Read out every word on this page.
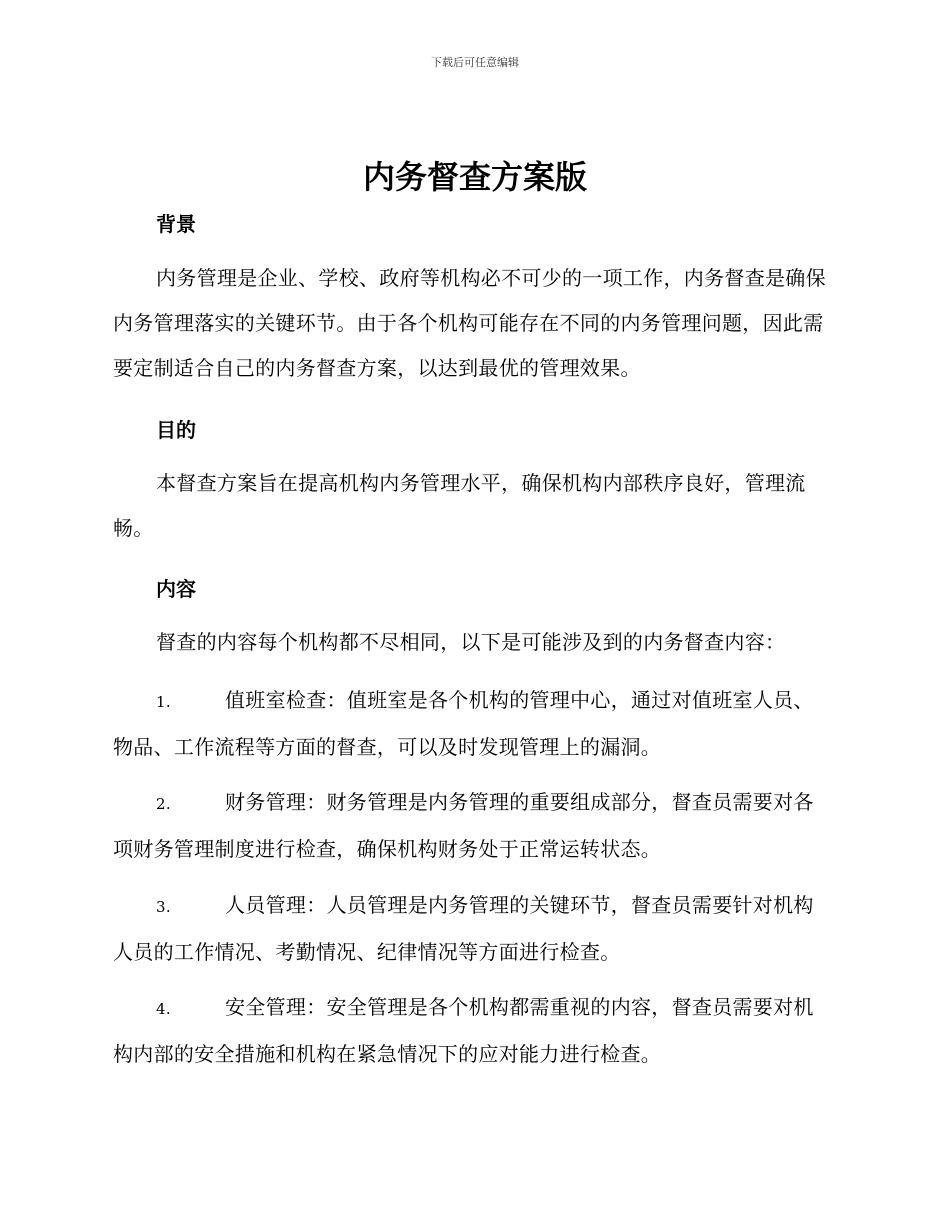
下载后可任意编辑
内务督查方案版
背景

内务管理是企业、学校、政府等机构必不可少的一项工作，内务督查是确保内务管理落实的关键环节。由于各个机构可能存在不同的内务管理问题，因此需要定制适合自己的内务督查方案，以达到最优的管理效果。

目的

本督查方案旨在提高机构内务管理水平，确保机构内部秩序良好，管理流畅。

内容

督查的内容每个机构都不尽相同，以下是可能涉及到的内务督查内容：

1.	值班室检查：值班室是各个机构的管理中心，通过对值班室人员、物品、工作流程等方面的督查，可以及时发现管理上的漏洞。

2.	财务管理：财务管理是内务管理的重要组成部分，督查员需要对各项财务管理制度进行检查，确保机构财务处于正常运转状态。

3.	人员管理：人员管理是内务管理的关键环节，督查员需要针对机构人员的工作情况、考勤情况、纪律情况等方面进行检查。

4.	安全管理：安全管理是各个机构都需重视的内容，督查员需要对机构内部的安全措施和机构在紧急情况下的应对能力进行检查。
